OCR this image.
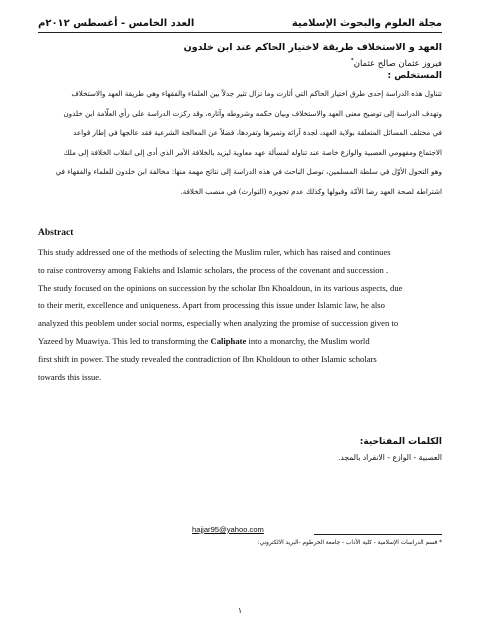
مجلة العلوم والبحوث الإسلامية
العدد الخامس - أغسطس ٢٠١٢م
العهد و الاستخلاف طريقة لاختيار الحاكم عند ابن خلدون
فيروز عثمان صالح عثمان*
المستخلص :

تتناول هذه الدراسة إحدى طرق اختيار الحاكم التي أثارت وما تزال تثير جدلاً بين العلماء والفقهاء وهي طريقة العهد والاستخلاف

وتهدف الدراسة إلى توضيح معنى العهد والاستخلاف وبيان حكمه وشروطه وآثاره، وقد ركزت الدراسة على رأي العلّامة ابن خلدون

في مختلف المسائل المتعلقة بولاية العهد، لجدة آرائه وتميزها وتفردها، فضلاً عن المعالجة الشرعية فقد عالجها في إطار قواعد

الاجتماع ومفهومي العصبية والوازع خاصة عند تناوله لمسألة عهد معاوية ليزيد بالخلافة الأمر الذي أدى إلى انقلاب الخلافة إلى ملك

وهو التحول الأوّل في سلطة المسلمين، توصل الباحث في هذه الدراسة إلى نتائج مهمة منها: مخالفة ابن خلدون للعلماء والفقهاء في

اشتراطه لصحة العهد رضا الأمّة وقبولها وكذلك عدم تجويزه (التوارث) في منصب الخلافة.

Abstract

This study addressed one of the methods of selecting the Muslim ruler, which has raised and continues

to raise controversy among Fakiehs and Islamic scholars, the process of the covenant and succession .

The study focused on the opinions on succession by the scholar Ibn Khoaldoun, in its various aspects, due

to their merit, excellence and uniqueness. Apart from processing this issue under Islamic law, he also

analyzed this peoblem under social norms, especially when analyzing the promise of succession given to

Yazeed by Muawiya. This led to transforming the Caliphate into a monarchy, the Muslim world

first shift in power. The study revealed the contradiction of Ibn Kholdoun to other Islamic scholars

towards this issue.

الكلمات المفتاحية:
العصبية - الوازع - الانفراد بالمجد.
hajjar95@yahoo.com
* قسم الدراسات الإسلامية - كلية الآداب - جامعة الخرطوم -البريد الالكتروني:
١
